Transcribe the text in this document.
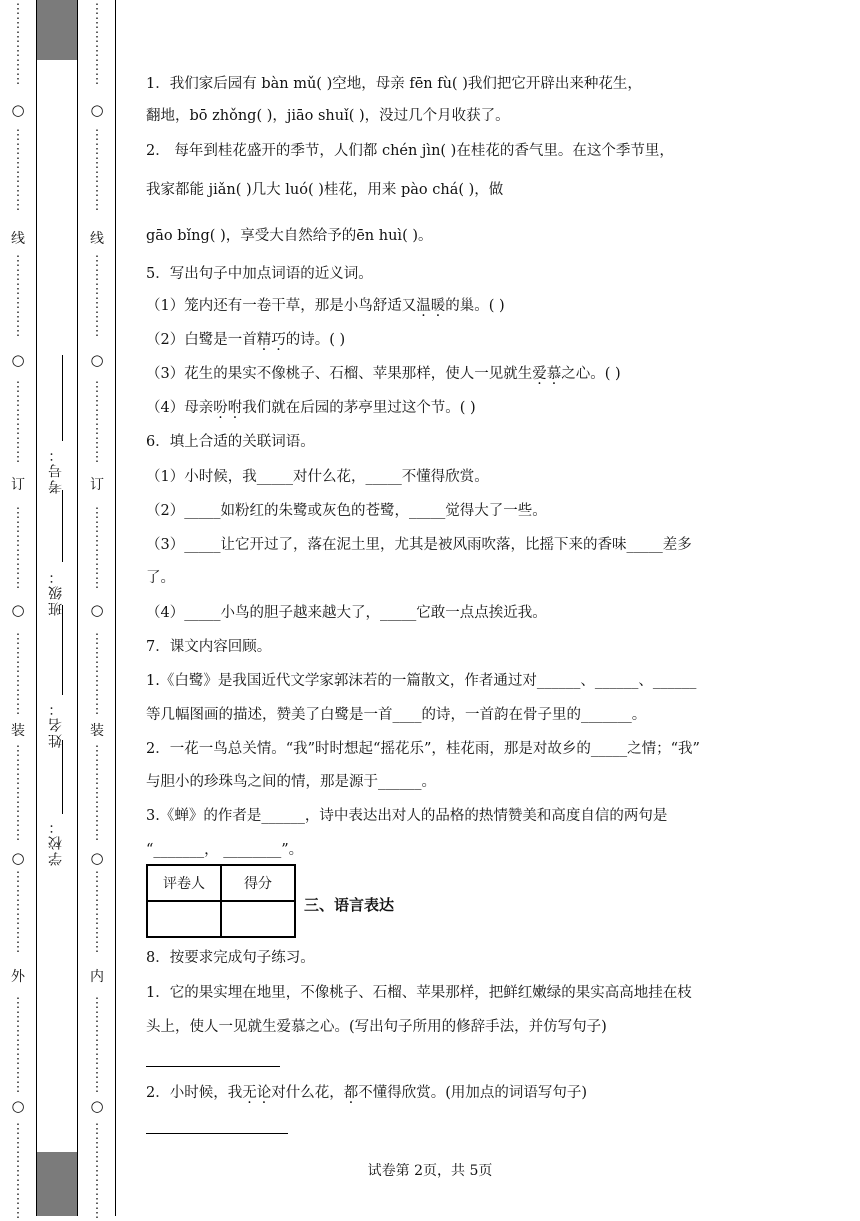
⋮
⋮
⋮
⋮
⋮
⋮
⋮
⋮
⋮
⋮
⋮
⋮
⋮
⋮
⋮
⋮
⋮
⋮
⋮
⋮
⋮
⋮
⋮
⋮
⋮
⋮
⋮
⋮
⋮
⋮
⋮
⋮
⋮
⋮
⋮
⋮
⋮
⋮
⋮
⋮
⋮
⋮
⋮
⋮
⋮
⋮
⋮
⋮
⋮
⋮
⋮
⋮
⋮
⋮
⋮
⋮
⋮
⋮
⋮
⋮
⋮
⋮
⋮
○
○
○
○
○
线
订
装
外
⋮
⋮
⋮
⋮
⋮
⋮
⋮
⋮
⋮
⋮
⋮
⋮
⋮
⋮
⋮
⋮
⋮
⋮
⋮
⋮
⋮
⋮
⋮
⋮
⋮
⋮
⋮
⋮
⋮
⋮
⋮
⋮
⋮
⋮
⋮
⋮
⋮
⋮
⋮
⋮
⋮
⋮
⋮
⋮
⋮
⋮
⋮
⋮
⋮
⋮
⋮
⋮
⋮
⋮
⋮
⋮
⋮
⋮
⋮
⋮
⋮
⋮
⋮
○
○
○
○
○
线
订
装
内
学校：
姓名：
班级：
考号：
1．我们家后园有 bàn mǔ( )空地，母亲 fēn fù( )我们把它开辟出来种花生，
翻地，bō zhǒng( )，jiāo shuǐ( )，没过几个月收获了。
2． 每年到桂花盛开的季节，人们都 chén jìn( )在桂花的香气里。在这个季节里，
我家都能 jiǎn( )几大 luó( )桂花，用来 pào chá( )，做
gāo bǐng( )，享受大自然给予的ēn huì( )。
5．写出句子中加点词语的近义词。
（1）笼内还有一卷干草，那是小鸟舒适又温暖的巢。( )
（2）白鹭是一首精巧的诗。( )
（3）花生的果实不像桃子、石榴、苹果那样，使人一见就生爱慕之心。( )
（4）母亲吩咐我们就在后园的茅亭里过这个节。( )
6．填上合适的关联词语。
（1）小时候，我_____对什么花，_____不懂得欣赏。
（2）_____如粉红的朱鹭或灰色的苍鹭，_____觉得大了一些。
（3）_____让它开过了，落在泥土里，尤其是被风雨吹落，比摇下来的香味_____差多
了。
（4）_____小鸟的胆子越来越大了，_____它敢一点点挨近我。
7．课文内容回顾。
1.《白鹭》是我国近代文学家郭沫若的一篇散文，作者通过对______、______、______
等几幅图画的描述，赞美了白鹭是一首____的诗，一首韵在骨子里的_______。
2．一花一鸟总关情。“我”时时想起“摇花乐”，桂花雨，那是对故乡的_____之情；“我”
与胆小的珍珠鸟之间的情，那是源于______。
3.《蝉》的作者是______，诗中表达出对人的品格的热情赞美和高度自信的两句是
“_______， ________”。
8．按要求完成句子练习。
1．它的果实埋在地里，不像桃子、石榴、苹果那样，把鲜红嫩绿的果实高高地挂在枝
头上，使人一见就生爱慕之心。(写出句子所用的修辞手法，并仿写句子)
2．小时候，我无论对什么花，都不懂得欣赏。(用加点的词语写句子)
评卷人	得分

三、语言表达
试卷第 2页，共 5页
